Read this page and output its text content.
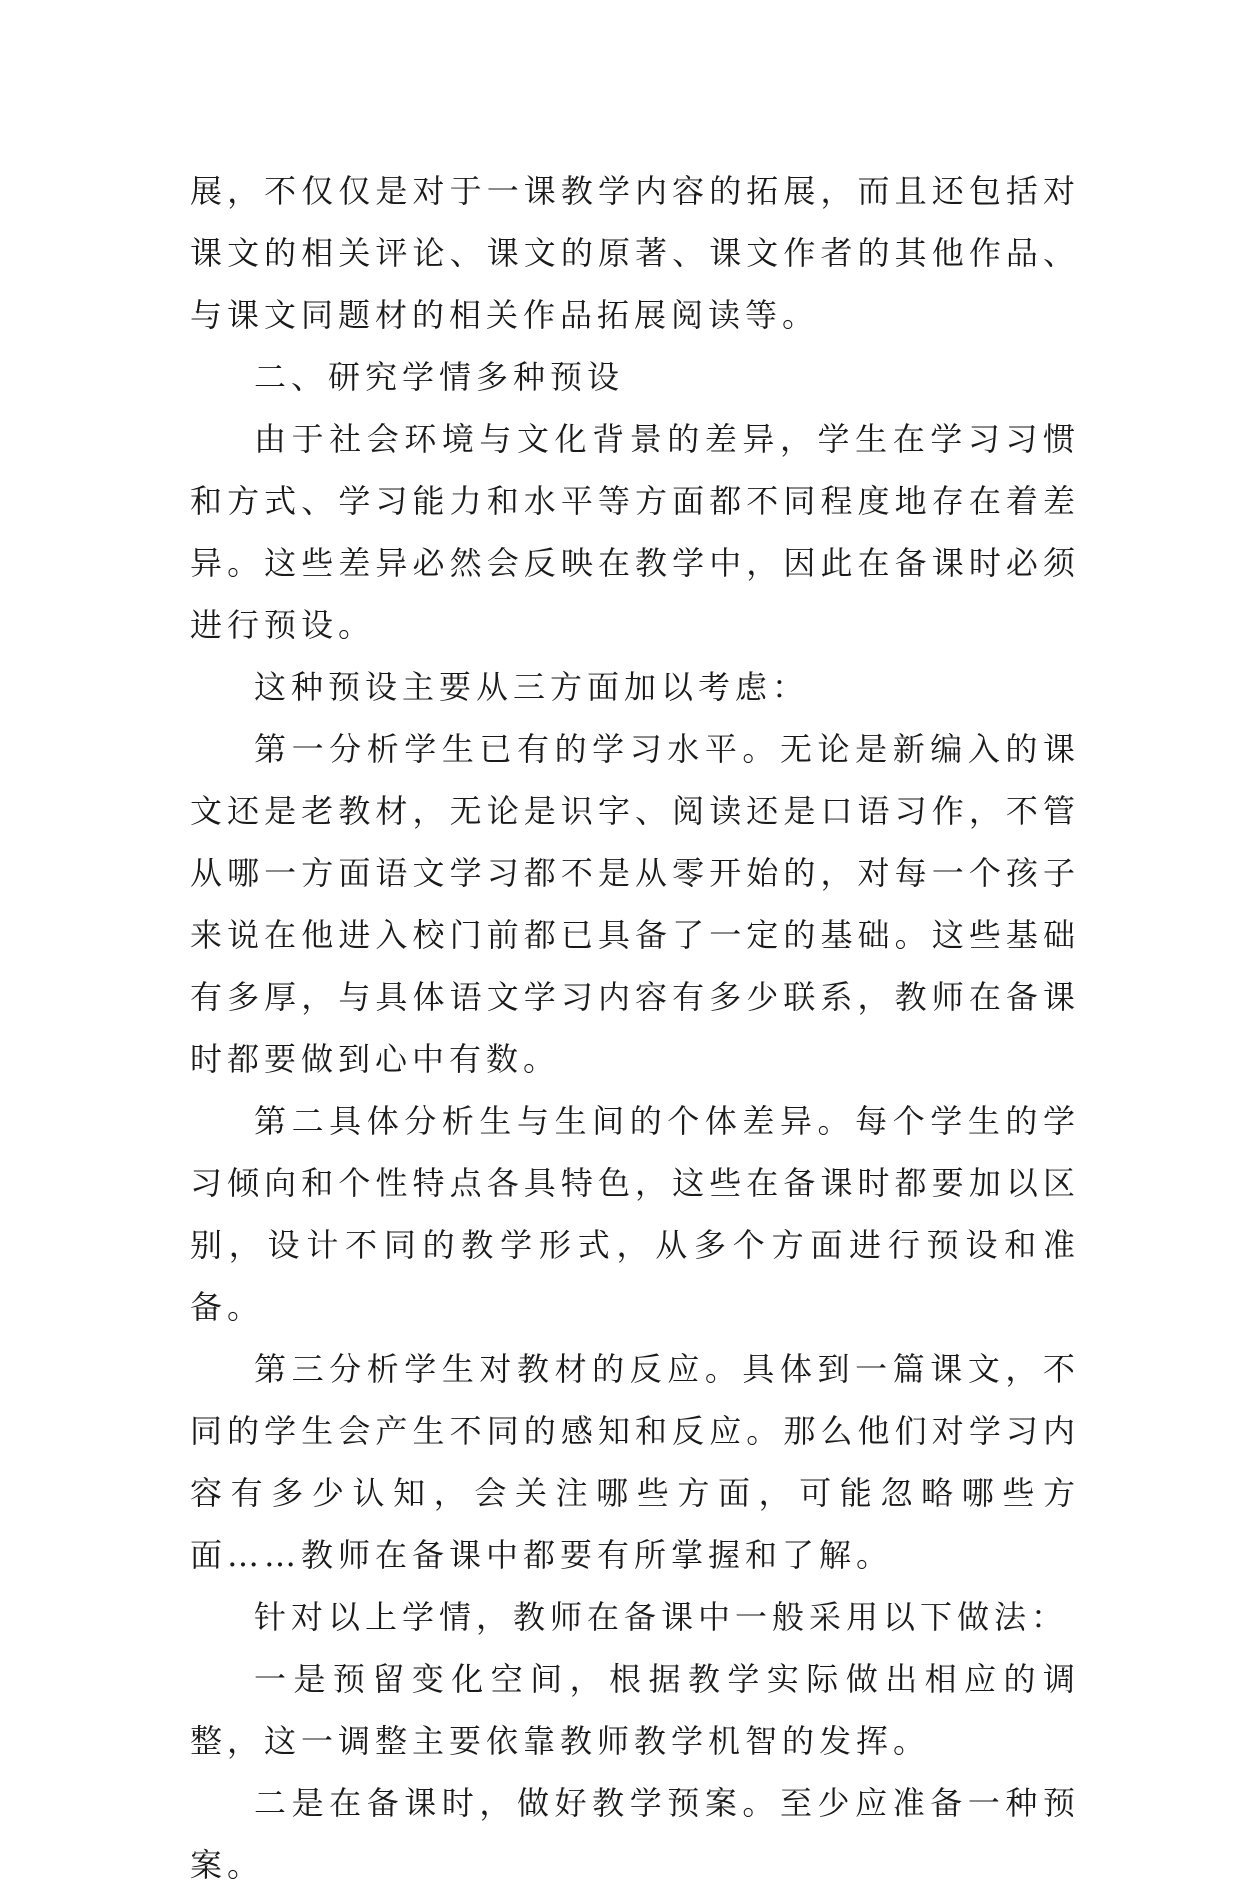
展，不仅仅是对于一课教学内容的拓展，而且还包括对课文的相关评论、课文的原著、课文作者的其他作品、与课文同题材的相关作品拓展阅读等。

二、研究学情多种预设

由于社会环境与文化背景的差异，学生在学习习惯和方式、学习能力和水平等方面都不同程度地存在着差异。这些差异必然会反映在教学中，因此在备课时必须进行预设。

这种预设主要从三方面加以考虑：

第一分析学生已有的学习水平。无论是新编入的课文还是老教材，无论是识字、阅读还是口语习作，不管从哪一方面语文学习都不是从零开始的，对每一个孩子来说在他进入校门前都已具备了一定的基础。这些基础有多厚，与具体语文学习内容有多少联系，教师在备课时都要做到心中有数。

第二具体分析生与生间的个体差异。每个学生的学习倾向和个性特点各具特色，这些在备课时都要加以区别，设计不同的教学形式，从多个方面进行预设和准备。

第三分析学生对教材的反应。具体到一篇课文，不同的学生会产生不同的感知和反应。那么他们对学习内容有多少认知，会关注哪些方面，可能忽略哪些方面……教师在备课中都要有所掌握和了解。

针对以上学情，教师在备课中一般采用以下做法：

一是预留变化空间，根据教学实际做出相应的调整，这一调整主要依靠教师教学机智的发挥。

二是在备课时，做好教学预案。至少应准备一种预案。
